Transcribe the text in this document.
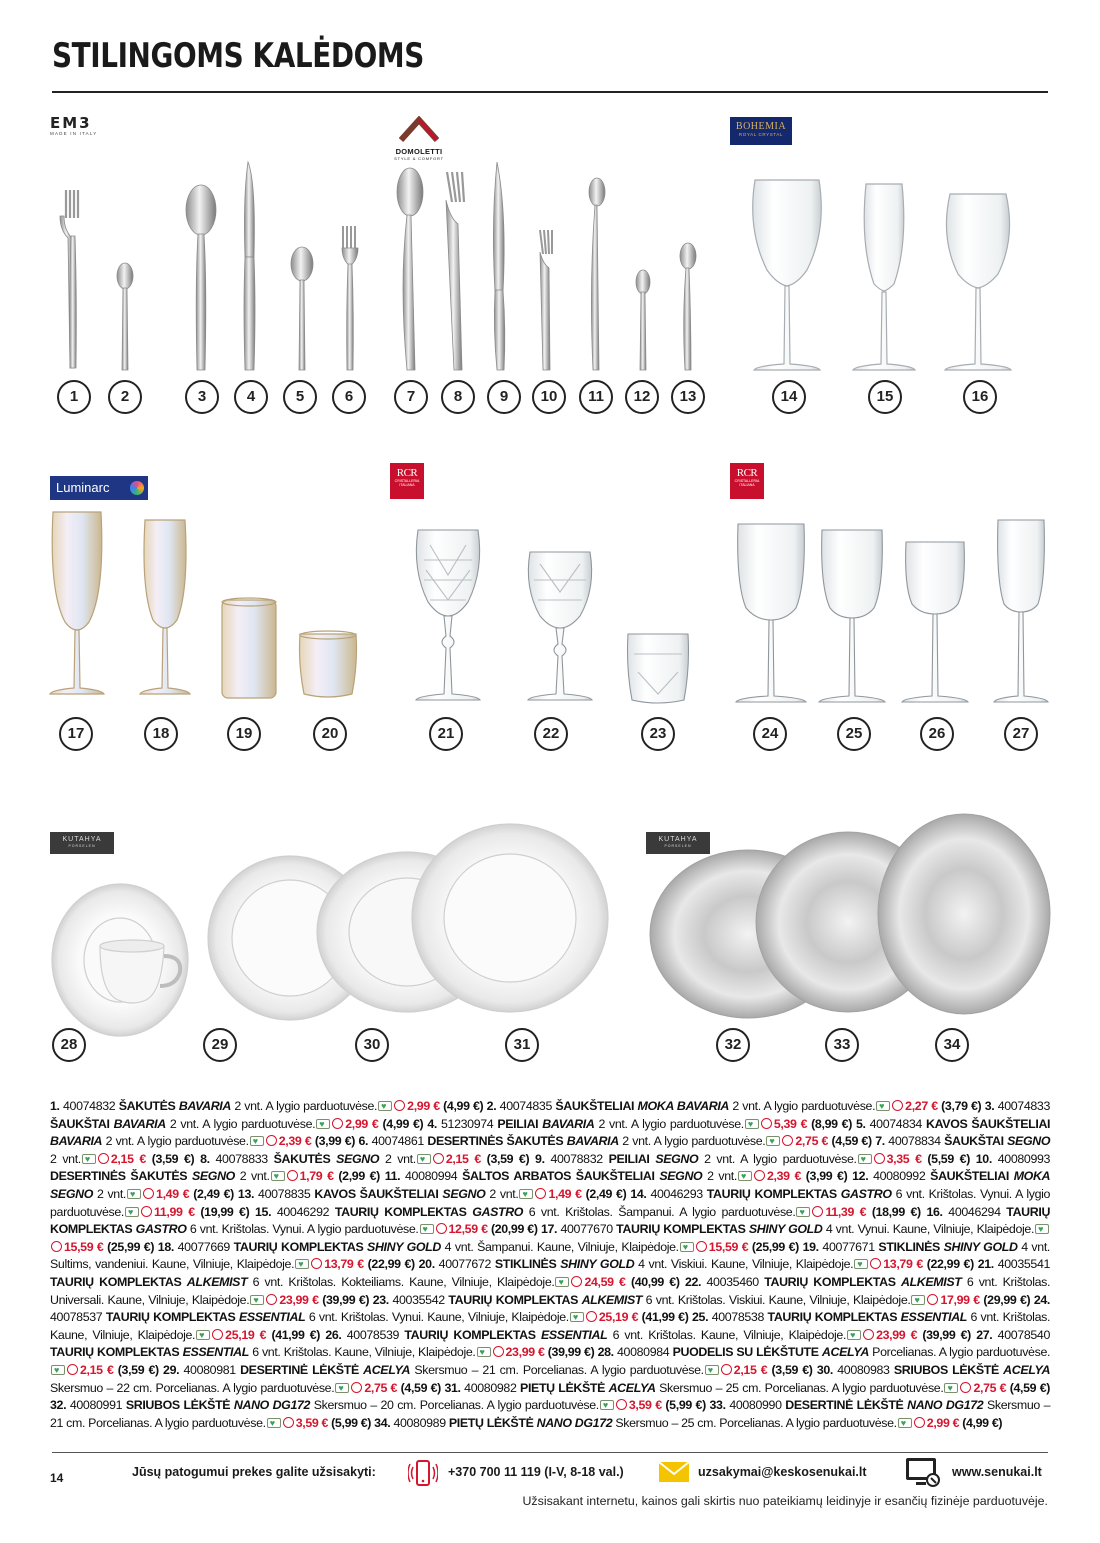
STILINGOMS KALĖDOMS
EM3
MADE IN ITALY
DOMOLETTI
STYLE & COMFORT
BOHEMIA
ROYAL CRYSTAL
Luminarc
RCR
CRISTALLERIA ITALIANA
RCR
CRISTALLERIA ITALIANA
KUTAHYA
PORSELEN
KUTAHYA
PORSELEN
1	2	3	4	5	6	7	8	9	10	11	12	13	14	15	16
17	18	19	20	21	22	23	24	25	26	27
28	29	30	31	32	33	34
1. 40074832 ŠAKUTĖS BAVARIA 2 vnt. A lygio parduotuvėse. ♥ 2,99 € (4,99 €) 2. 40074835 ŠAUKŠTELIAI MOKA BAVARIA 2 vnt. A lygio parduotuvėse. ♥ 2,27 € (3,79 €) 3. 40074833 ŠAUKŠTAI BAVARIA 2 vnt. A lygio parduotuvėse. ♥ 2,99 € (4,99 €) 4. 51230974 PEILIAI BAVARIA 2 vnt. A lygio parduotuvėse. ♥ 5,39 € (8,99 €) 5. 40074834 KAVOS ŠAUKŠTELIAI BAVARIA 2 vnt. A lygio parduotuvėse. ♥ 2,39 € (3,99 €) 6. 40074861 DESERTINĖS ŠAKUTĖS BAVARIA 2 vnt. A lygio parduotuvėse. ♥ 2,75 € (4,59 €) 7. 40078834 ŠAUKŠTAI SEGNO 2 vnt. ♥ 2,15 € (3,59 €) 8. 40078833 ŠAKUTĖS SEGNO 2 vnt. ♥ 2,15 € (3,59 €) 9. 40078832 PEILIAI SEGNO 2 vnt. A lygio parduotuvėse. ♥ 3,35 € (5,59 €) 10. 40080993 DESERTINĖS ŠAKUTĖS SEGNO 2 vnt. ♥ 1,79 € (2,99 €) 11. 40080994 ŠALTOS ARBATOS ŠAUKŠTELIAI SEGNO 2 vnt. ♥ 2,39 € (3,99 €) 12. 40080992 ŠAUKŠTELIAI MOKA SEGNO 2 vnt. ♥ 1,49 € (2,49 €) 13. 40078835 KAVOS ŠAUKŠTELIAI SEGNO 2 vnt. ♥ 1,49 € (2,49 €) 14. 40046293 TAURIŲ KOMPLEKTAS GASTRO 6 vnt. Krištolas. Vynui. A lygio parduotuvėse. ♥ 11,99 € (19,99 €) 15. 40046292 TAURIŲ KOMPLEKTAS GASTRO 6 vnt. Krištolas. Šampanui. A lygio parduotuvėse. ♥ 11,39 € (18,99 €) 16. 40046294 TAURIŲ KOMPLEKTAS GASTRO 6 vnt. Krištolas. Vynui. A lygio parduotuvėse. ♥ 12,59 € (20,99 €) 17. 40077670 TAURIŲ KOMPLEKTAS SHINY GOLD 4 vnt. Vynui. Kaune, Vilniuje, Klaipėdoje.♥15,59 € (25,99 €) 18. 40077669 TAURIŲ KOMPLEKTAS SHINY GOLD 4 vnt. Šampanui. Kaune, Vilniuje, Klaipėdoje. ♥ 15,59 € (25,99 €) 19. 40077671 STIKLINĖS SHINY GOLD 4 vnt. Sultims, vandeniui. Kaune, Vilniuje, Klaipėdoje. ♥ 13,79 € (22,99 €) 20. 40077672 STIKLINĖS SHINY GOLD 4 vnt. Viskiui. Kaune, Vilniuje, Klaipėdoje.♥ 13,79 € (22,99 €) 21. 40035541 TAURIŲ KOMPLEKTAS ALKEMIST 6 vnt. Krištolas. Kokteiliams. Kaune, Vilniuje, Klaipėdoje. ♥ 24,59 € (40,99 €) 22. 40035460 TAURIŲ KOMPLEKTAS ALKEMIST 6 vnt. Krištolas. Universali. Kaune, Vilniuje, Klaipėdoje. ♥ 23,99 € (39,99 €) 23. 40035542 TAURIŲ KOMPLEKTAS ALKEMIST 6 vnt. Krištolas. Viskiui. Kaune, Vilniuje, Klaipėdoje. ♥ 17,99 € (29,99 €) 24. 40078537 TAURIŲ KOMPLEKTAS ESSENTIAL 6 vnt. Krištolas. Vynui. Kaune, Vilniuje, Klaipėdoje.♥ 25,19 € (41,99 €) 25. 40078538 TAURIŲ KOMPLEKTAS ESSENTIAL 6 vnt. Krištolas. Kaune, Vilniuje, Klaipėdoje. ♥ 25,19 € (41,99 €) 26. 40078539 TAURIŲ KOMPLEKTAS ESSENTIAL 6 vnt. Krištolas. Kaune, Vilniuje, Klaipėdoje. ♥ 23,99 € (39,99 €) 27. 40078540 TAURIŲ KOMPLEKTAS ESSENTIAL 6 vnt. Krištolas. Kaune, Vilniuje, Klaipėdoje. ♥ 23,99 € (39,99 €) 28. 40080984 PUODELIS SU LĖKŠTUTE ACELYA Porcelianas. A lygio parduotuvėse.♥2,15 € (3,59 €) 29. 40080981 DESERTINĖ LĖKŠTĖ ACELYA Skersmuo – 21 cm. Porcelianas. A lygio parduotuvėse. ♥ 2,15 € (3,59 €) 30. 40080983 SRIUBOS LĖKŠTĖ ACELYA Skersmuo – 22 cm. Porcelianas. A lygio parduotuvėse. ♥ 2,75 € (4,59 €) 31. 40080982 PIETŲ LĖKŠTĖ ACELYA Skersmuo – 25 cm. Porcelianas. A lygio parduotuvėse. ♥ 2,75 € (4,59 €) 32. 40080991 SRIUBOS LĖKŠTĖ NANO DG172 Skersmuo – 20 cm. Porcelianas. A lygio parduotuvėse. ♥ 3,59 € (5,99 €) 33. 40080990 DESERTINĖ LĖKŠTĖ NANO DG172 Skersmuo – 21 cm. Porcelianas. A lygio parduotuvėse. ♥ 3,59 € (5,99 €) 34. 40080989 PIETŲ LĖKŠTĖ NANO DG172 Skersmuo – 25 cm. Porcelianas. A lygio parduotuvėse. ♥ 2,99 € (4,99 €)
14	Jūsų patogumui prekes galite užsisakyti:	+370 700 11 119 (I-V, 8-18 val.)	uzsakymai@keskosenukai.lt	www.senukai.lt
Užsisakant internetu, kainos gali skirtis nuo pateikiamų leidinyje ir esančių fizinėje parduotuvėje.
